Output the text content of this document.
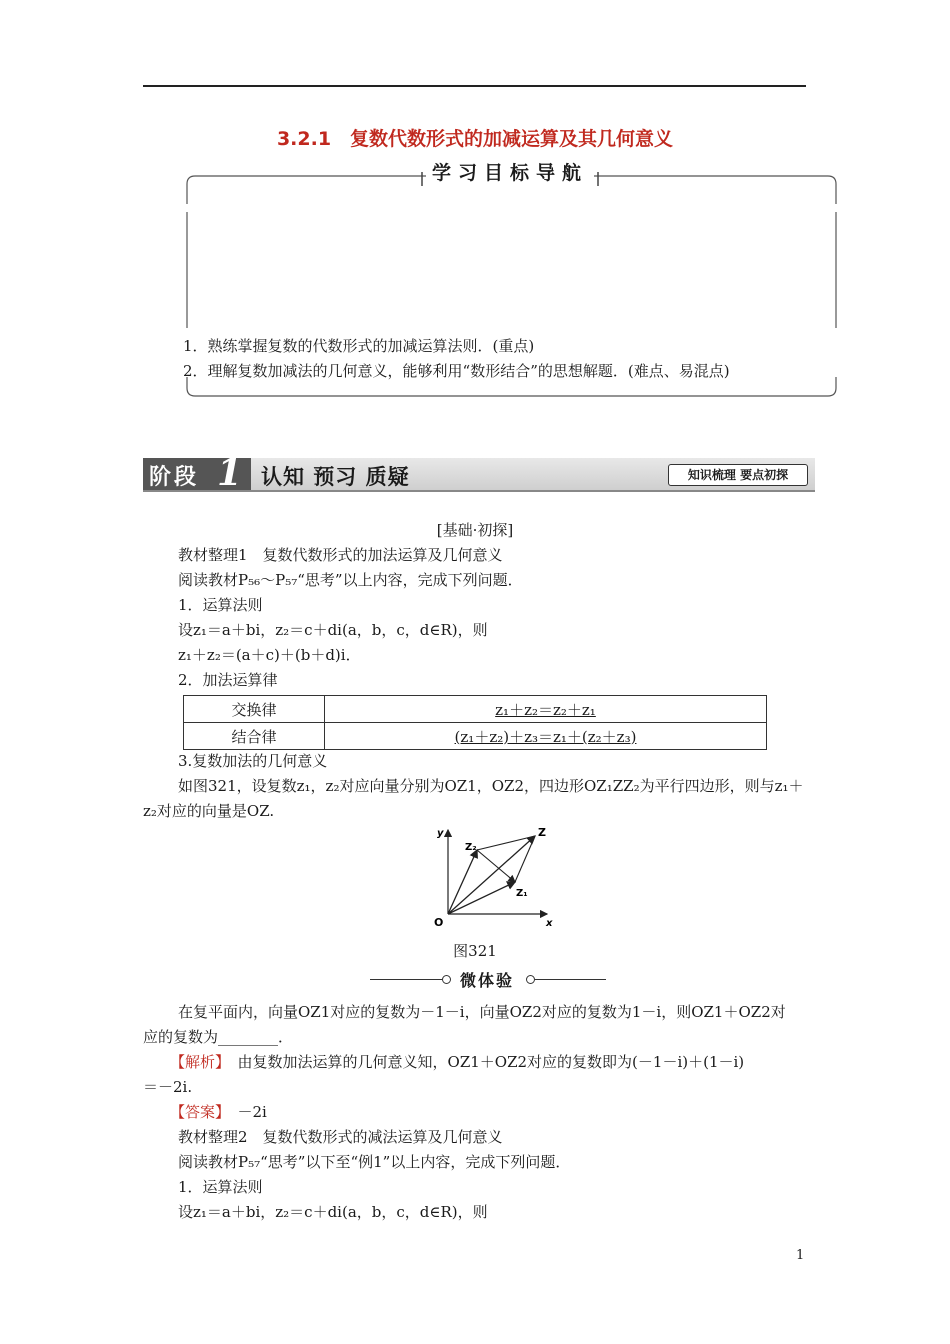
3.2.1　复数代数形式的加减运算及其几何意义
学习目标导航
1．熟练掌握复数的代数形式的加减运算法则．(重点)
2．理解复数加减法的几何意义，能够利用“数形结合”的思想解题．(难点、易混点)
阶段 1 认知 预习 质疑	知识梳理 要点初探
[基础·初探]
教材整理1　复数代数形式的加法运算及几何意义
阅读教材P₅₆～P₅₇“思考”以上内容，完成下列问题．
1．运算法则
设z₁＝a＋bi，z₂＝c＋di(a，b，c，d∈R)，则
z₁＋z₂＝(a＋c)＋(b＋d)i．
2．加法运算律
交换律	z₁＋z₂＝z₂＋z₁
结合律	(z₁＋z₂)＋z₃＝z₁＋(z₂＋z₃)
3.复数加法的几何意义
如图321，设复数z₁，z₂对应向量分别为OZ1，OZ2，四边形OZ₁ZZ₂为平行四边形，则与z₁＋
z₂对应的向量是OZ.
y
x
O
Z
Z₁
Z₂
图321
微体验
在复平面内，向量OZ1对应的复数为－1－i，向量OZ2对应的复数为1－i，则OZ1＋OZ2对
应的复数为________．
【解析】　由复数加法运算的几何意义知，OZ1＋OZ2对应的复数即为(－1－i)＋(1－i)
＝－2i.
【答案】　－2i
教材整理2　复数代数形式的减法运算及几何意义
阅读教材P₅₇“思考”以下至“例1”以上内容，完成下列问题．
1．运算法则
设z₁＝a＋bi，z₂＝c＋di(a，b，c，d∈R)，则
1
